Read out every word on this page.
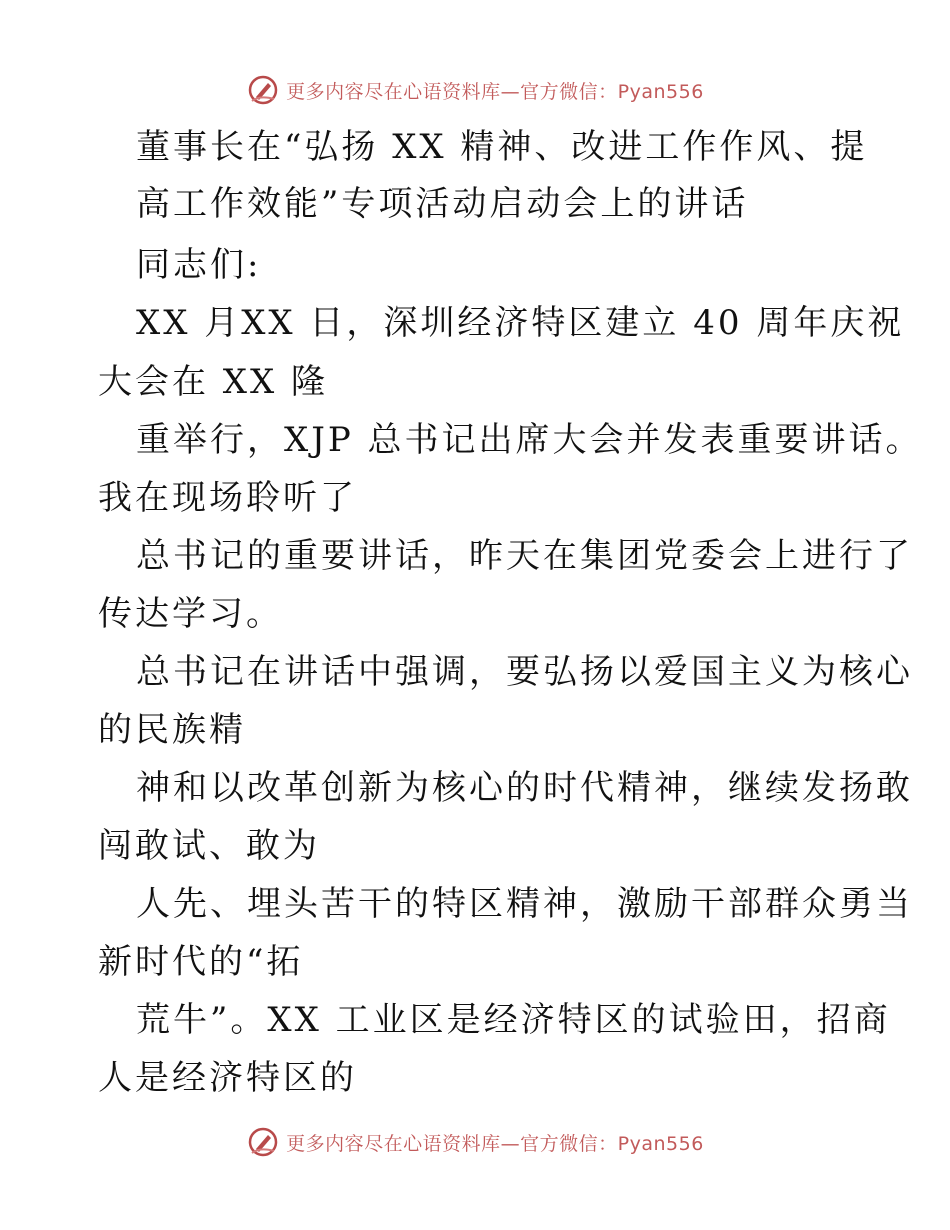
更多内容尽在心语资料库—官方微信：Pyan556
董事长在“弘扬 XX 精神、改进工作作风、提
高工作效能”专项活动启动会上的讲话
同志们:
XX 月XX 日，深圳经济特区建立 40 周年庆祝
大会在 XX 隆
重举行，XJP 总书记出席大会并发表重要讲话。
我在现场聆听了
总书记的重要讲话，昨天在集团党委会上进行了
传达学习。
总书记在讲话中强调，要弘扬以爱国主义为核心
的民族精
神和以改革创新为核心的时代精神，继续发扬敢
闯敢试、敢为
人先、埋头苦干的特区精神，激励干部群众勇当
新时代的“拓
荒牛”。XX 工业区是经济特区的试验田，招商
人是经济特区的
更多内容尽在心语资料库—官方微信：Pyan556
